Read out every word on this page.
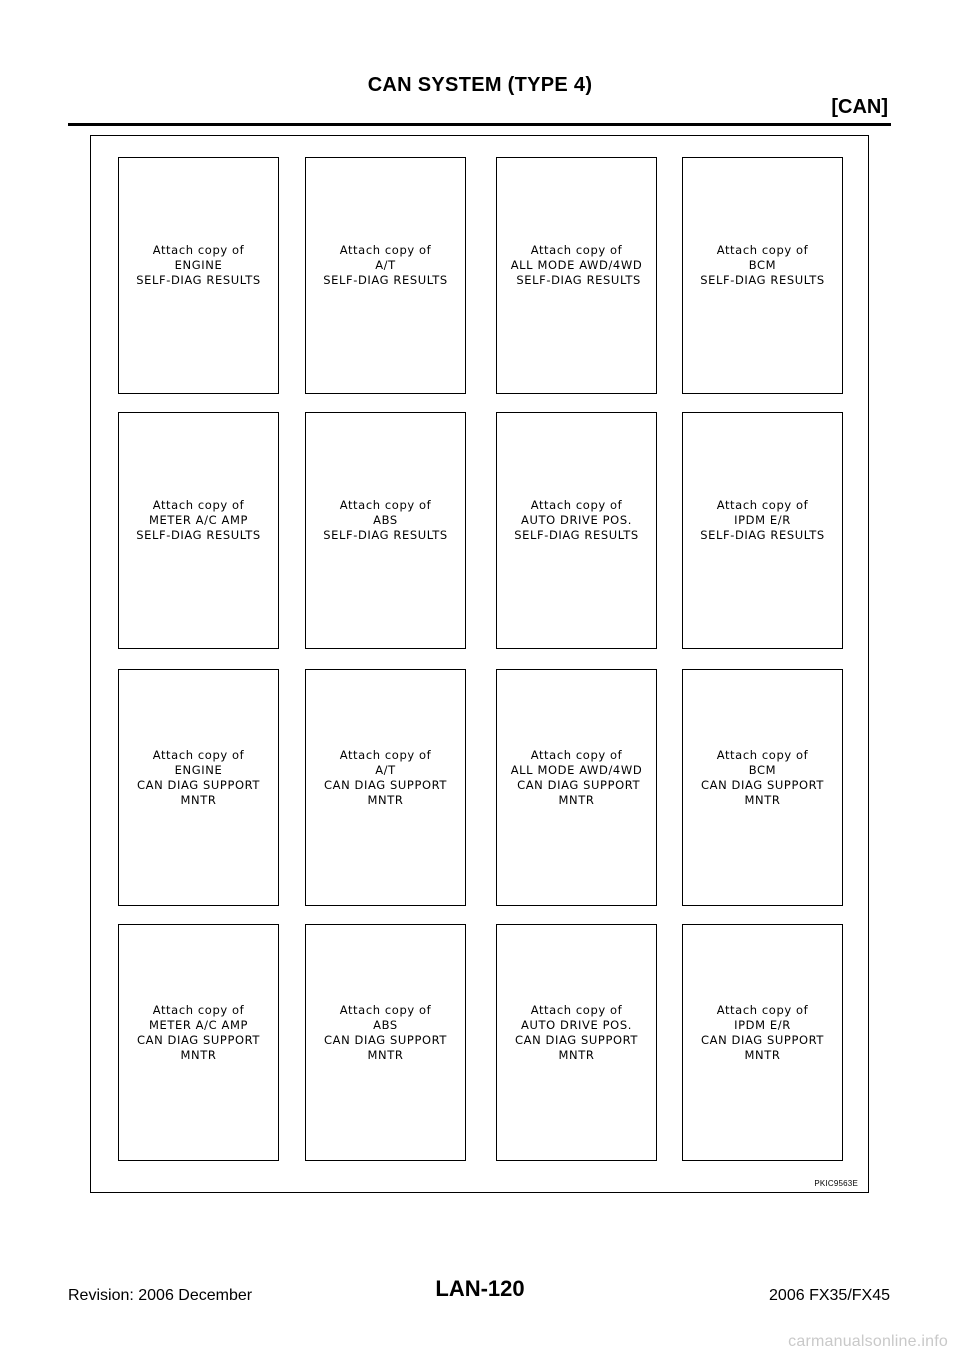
CAN SYSTEM (TYPE 4)
[CAN]
PKIC9563E
Attach copy of
ENGINE
SELF-DIAG RESULTS
Attach copy of
A/T
SELF-DIAG RESULTS
Attach copy of
ALL MODE AWD/4WD
SELF-DIAG RESULTS
Attach copy of
BCM
SELF-DIAG RESULTS
Attach copy of
METER A/C AMP
SELF-DIAG RESULTS
Attach copy of
ABS
SELF-DIAG RESULTS
Attach copy of
AUTO DRIVE POS.
SELF-DIAG RESULTS
Attach copy of
IPDM E/R
SELF-DIAG RESULTS
Attach copy of
ENGINE
CAN DIAG SUPPORT
MNTR
Attach copy of
A/T
CAN DIAG SUPPORT
MNTR
Attach copy of
ALL MODE AWD/4WD
CAN DIAG SUPPORT
MNTR
Attach copy of
BCM
CAN DIAG SUPPORT
MNTR
Attach copy of
METER A/C AMP
CAN DIAG SUPPORT
MNTR
Attach copy of
ABS
CAN DIAG SUPPORT
MNTR
Attach copy of
AUTO DRIVE POS.
CAN DIAG SUPPORT
MNTR
Attach copy of
IPDM E/R
CAN DIAG SUPPORT
MNTR
LAN-120
Revision: 2006 December	2006 FX35/FX45
carmanualsonline.info
